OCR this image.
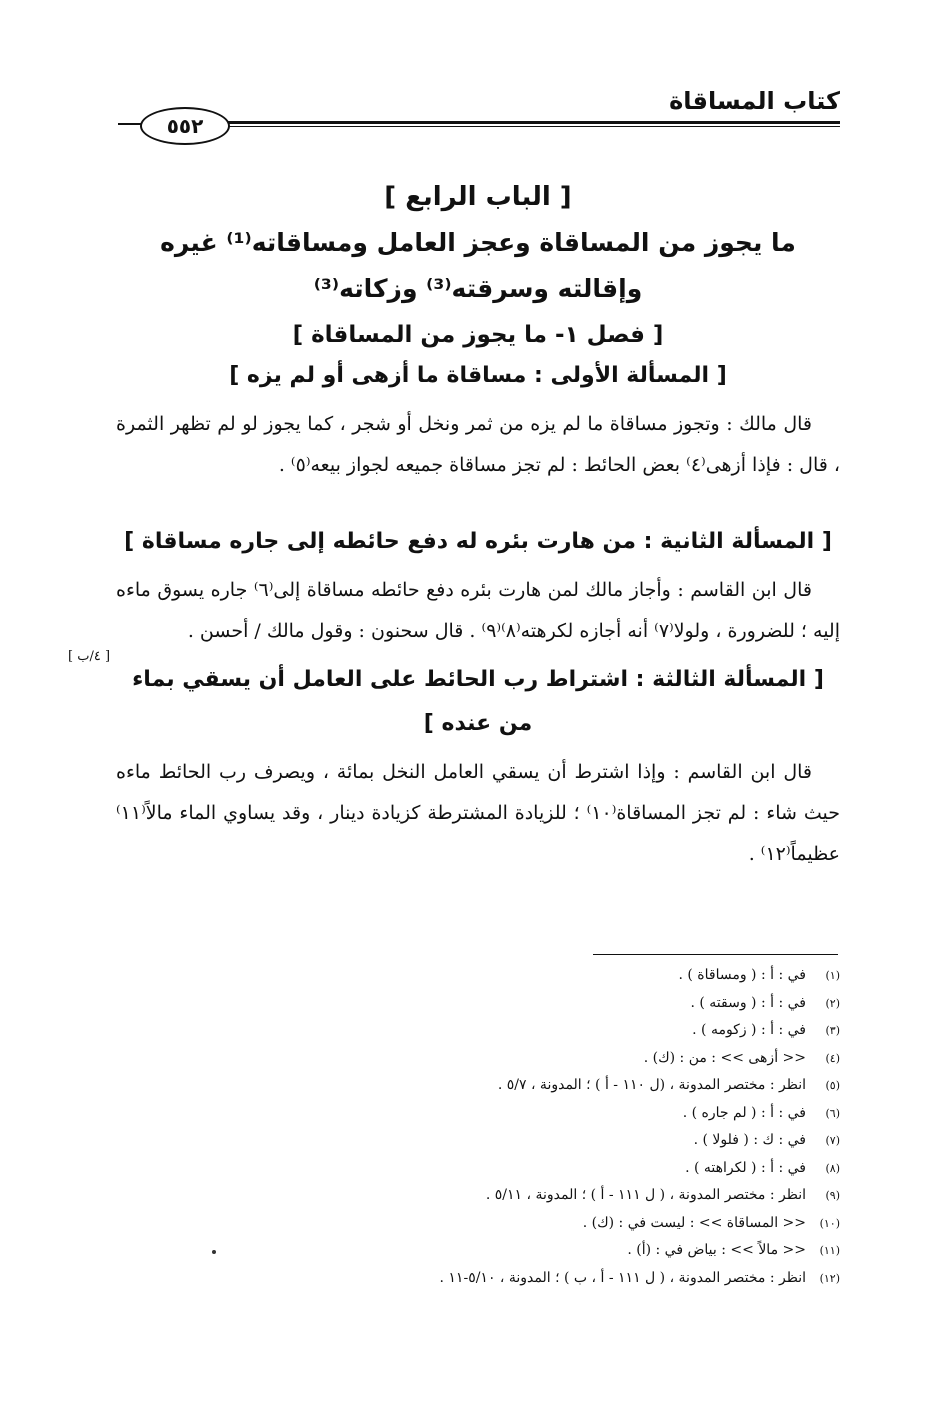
كتاب المساقاة
٥٥٢
[ الباب الرابع ]
ما يجوز من المساقاة وعجز العامل ومساقاته⁽¹⁾ غيره وإقالته وسرقته⁽³⁾ وزكاته⁽³⁾
[ فصل ١- ما يجوز من المساقاة ]
[ المسألة الأولى : مساقاة ما أزهى أو لم يزه ]

قال مالك : وتجوز مساقاة ما لم يزه من ثمر ونخل أو شجر ، كما يجوز لو لم تظهر الثمرة ، قال : فإذا أزهى⁽٤⁾ بعض الحائط : لم تجز مساقاة جميعه لجواز بيعه⁽٥⁾ .

[ المسألة الثانية : من هارت بئره له دفع حائطه إلى جاره مساقاة ]

قال ابن القاسم : وأجاز مالك لمن هارت بئره دفع حائطه مساقاة إلى⁽٦⁾ جاره يسوق ماءه إليه ؛ للضرورة ، ولولا⁽٧⁾ أنه أجازه لكرهته⁽٨⁾⁽٩⁾ . قال سحنون : وقول مالك / أحسن .

[ المسألة الثالثة : اشتراط رب الحائط على العامل أن يسقي بماء من عنده ]

قال ابن القاسم : وإذا اشترط أن يسقي العامل النخل بمائة ، ويصرف رب الحائط ماءه حيث شاء : لم تجز المساقاة⁽١٠⁾ ؛ للزيادة المشترطة كزيادة دينار ، وقد يساوي الماء مالاً⁽١١⁾ عظيماً⁽١٢⁾ .

[ ٤/ب ]
(١)في : أ : ( ومساقاة ) .
(٢)في : أ : ( وسقته ) .
(٣)في : أ : ( زكومه ) .
(٤)<< أزهى >> : من : (ك) .
(٥)انظر : مختصر المدونة ، (ل ١١٠ - أ ) ؛ المدونة ، ٥/٧ .
(٦)في : أ : ( لم جاره ) .
(٧)في : ك : ( فلولا ) .
(٨)في : أ : ( لكراهته ) .
(٩)انظر : مختصر المدونة ، ( ل ١١١ - أ ) ؛ المدونة ، ٥/١١ .
(١٠)<< المساقاة >> : ليست في : (ك) .
(١١)<< مالاً >> : بياض في : (أ) .
(١٢)انظر : مختصر المدونة ، ( ل ١١١ - أ ، ب ) ؛ المدونة ، ٥/١٠-١١ .
